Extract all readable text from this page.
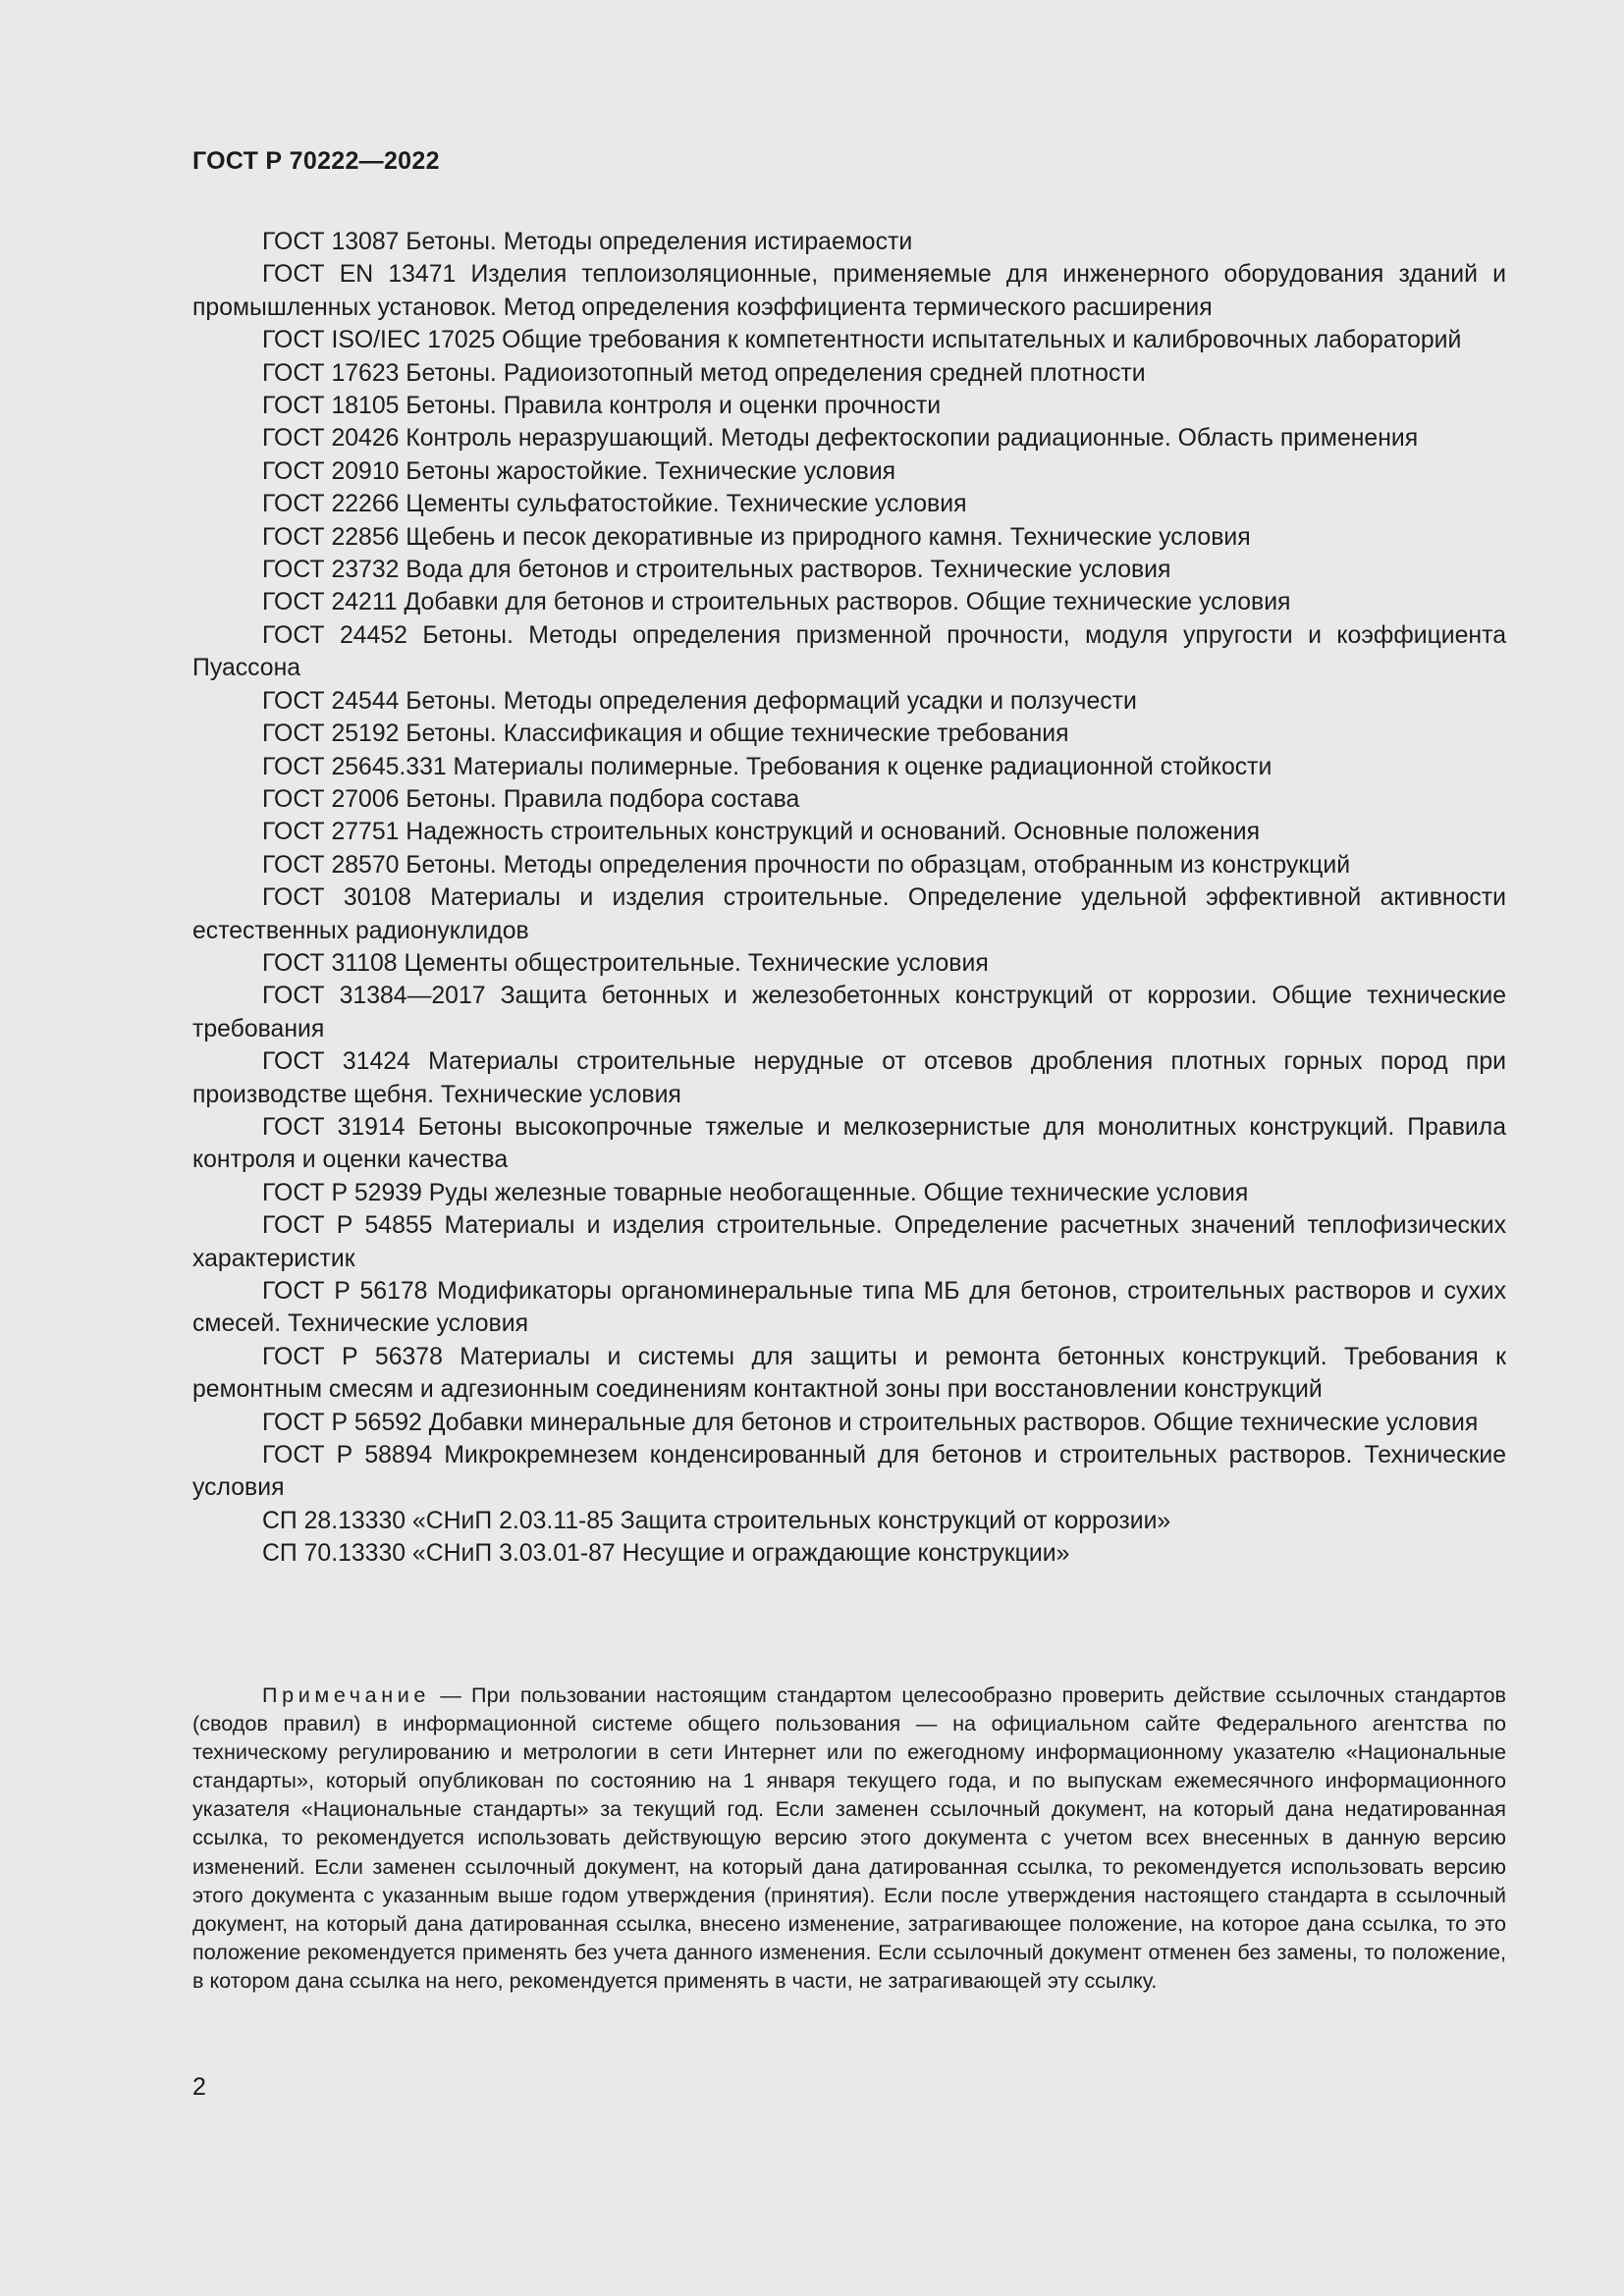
ГОСТ Р 70222—2022

ГОСТ 13087 Бетоны. Методы определения истираемости

ГОСТ EN 13471 Изделия теплоизоляционные, применяемые для инженерного оборудования зданий и промышленных установок. Метод определения коэффициента термического расширения

ГОСТ ISO/IEC 17025 Общие требования к компетентности испытательных и калибровочных лабораторий

ГОСТ 17623 Бетоны. Радиоизотопный метод определения средней плотности

ГОСТ 18105 Бетоны. Правила контроля и оценки прочности

ГОСТ 20426 Контроль неразрушающий. Методы дефектоскопии радиационные. Область применения

ГОСТ 20910 Бетоны жаростойкие. Технические условия

ГОСТ 22266 Цементы сульфатостойкие. Технические условия

ГОСТ 22856 Щебень и песок декоративные из природного камня. Технические условия

ГОСТ 23732 Вода для бетонов и строительных растворов. Технические условия

ГОСТ 24211 Добавки для бетонов и строительных растворов. Общие технические условия

ГОСТ 24452 Бетоны. Методы определения призменной прочности, модуля упругости и коэффициента Пуассона

ГОСТ 24544 Бетоны. Методы определения деформаций усадки и ползучести

ГОСТ 25192 Бетоны. Классификация и общие технические требования

ГОСТ 25645.331 Материалы полимерные. Требования к оценке радиационной стойкости

ГОСТ 27006 Бетоны. Правила подбора состава

ГОСТ 27751 Надежность строительных конструкций и оснований. Основные положения

ГОСТ 28570 Бетоны. Методы определения прочности по образцам, отобранным из конструкций

ГОСТ 30108 Материалы и изделия строительные. Определение удельной эффективной активности естественных радионуклидов

ГОСТ 31108 Цементы общестроительные. Технические условия

ГОСТ 31384—2017 Защита бетонных и железобетонных конструкций от коррозии. Общие технические требования

ГОСТ 31424 Материалы строительные нерудные от отсевов дробления плотных горных пород при производстве щебня. Технические условия

ГОСТ 31914 Бетоны высокопрочные тяжелые и мелкозернистые для монолитных конструкций. Правила контроля и оценки качества

ГОСТ Р 52939 Руды железные товарные необогащенные. Общие технические условия

ГОСТ Р 54855 Материалы и изделия строительные. Определение расчетных значений теплофизических характеристик

ГОСТ Р 56178 Модификаторы органоминеральные типа МБ для бетонов, строительных растворов и сухих смесей. Технические условия

ГОСТ Р 56378 Материалы и системы для защиты и ремонта бетонных конструкций. Требования к ремонтным смесям и адгезионным соединениям контактной зоны при восстановлении конструкций

ГОСТ Р 56592 Добавки минеральные для бетонов и строительных растворов. Общие технические условия

ГОСТ Р 58894 Микрокремнезем конденсированный для бетонов и строительных растворов. Технические условия

СП 28.13330 «СНиП 2.03.11-85 Защита строительных конструкций от коррозии»

СП 70.13330 «СНиП 3.03.01-87 Несущие и ограждающие конструкции»

Примечание — При пользовании настоящим стандартом целесообразно проверить действие ссылочных стандартов (сводов правил) в информационной системе общего пользования — на официальном сайте Федерального агентства по техническому регулированию и метрологии в сети Интернет или по ежегодному информационному указателю «Национальные стандарты», который опубликован по состоянию на 1 января текущего года, и по выпускам ежемесячного информационного указателя «Национальные стандарты» за текущий год. Если заменен ссылочный документ, на который дана недатированная ссылка, то рекомендуется использовать действующую версию этого документа с учетом всех внесенных в данную версию изменений. Если заменен ссылочный документ, на который дана датированная ссылка, то рекомендуется использовать версию этого документа с указанным выше годом утверждения (принятия). Если после утверждения настоящего стандарта в ссылочный документ, на который дана датированная ссылка, внесено изменение, затрагивающее положение, на которое дана ссылка, то это положение рекомендуется применять без учета данного изменения. Если ссылочный документ отменен без замены, то положение, в котором дана ссылка на него, рекомендуется применять в части, не затрагивающей эту ссылку.

2
